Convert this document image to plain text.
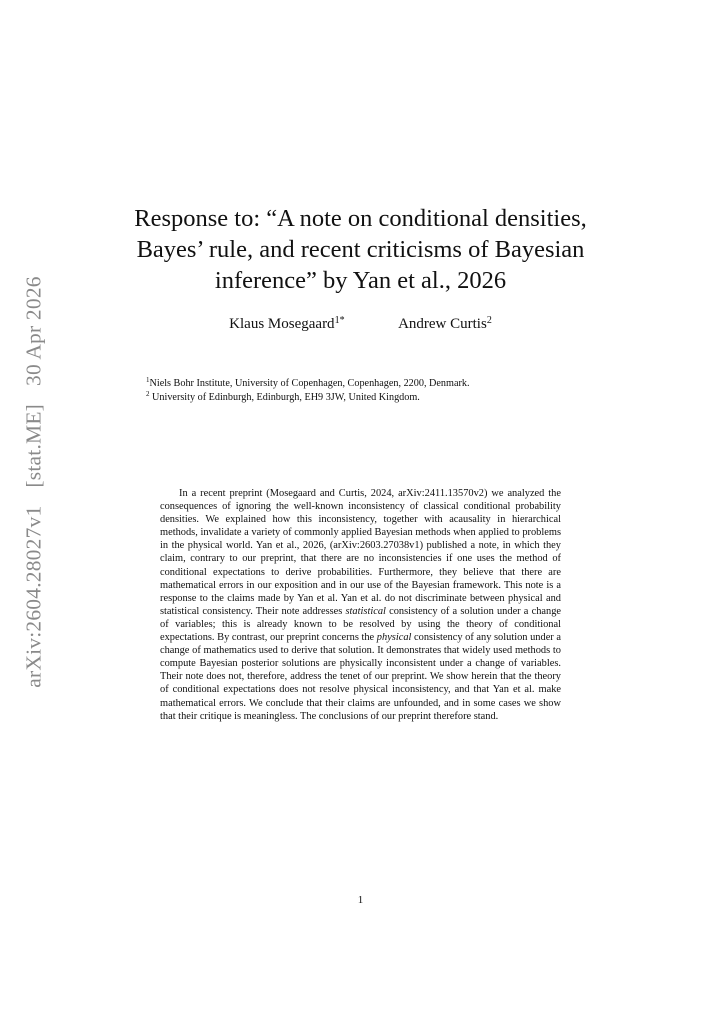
arXiv:2604.28027v1[stat.ME]30 Apr 2026
Response to: “A note on conditional densities,
Bayes’ rule, and recent criticisms of Bayesian
inference” by Yan et al., 2026
Klaus Mosegaard$^{1*}$	Andrew Curtis$^2$
$^1$Niels Bohr Institute, University of Copenhagen, Copenhagen, 2200, Denmark.
$^2$ University of Edinburgh, Edinburgh, EH9 3JW, United Kingdom.

In a recent preprint (Mosegaard and Curtis, 2024, arXiv:2411.13570v2) we analyzed the consequences of ignoring the well-known inconsistency of classical conditional probability densities. We explained how this inconsistency, together with acausality in hierarchical methods, invalidate a variety of commonly applied Bayesian methods when applied to problems in the physical world. Yan et al., 2026, (arXiv:2603.27038v1) published a note, in which they claim, contrary to our preprint, that there are no inconsistencies if one uses the method of conditional expectations to derive probabilities. Furthermore, they believe that there are mathematical errors in our exposition and in our use of the Bayesian framework. This note is a response to the claims made by Yan et al. Yan et al. do not discriminate between physical and statistical consistency. Their note addresses statistical consistency of a solution under a change of variables; this is already known to be resolved by using the theory of conditional expectations. By contrast, our preprint concerns the physical consistency of any solution under a change of mathematics used to derive that solution. It demonstrates that widely used methods to compute Bayesian posterior solutions are physically inconsistent under a change of variables. Their note does not, therefore, address the tenet of our preprint. We show herein that the theory of conditional expectations does not resolve physical inconsistency, and that Yan et al. make mathematical errors. We conclude that their claims are unfounded, and in some cases we show that their critique is meaningless. The conclusions of our preprint therefore stand.

1
